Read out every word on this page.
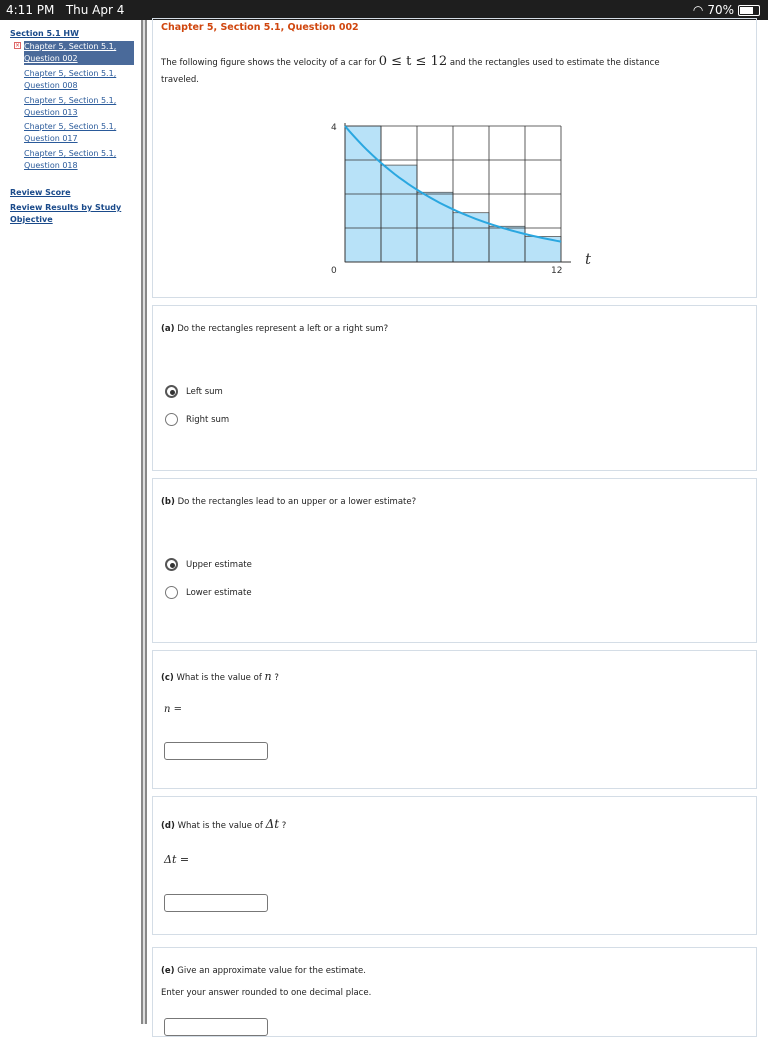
4:11 PM Thu Apr 4	◠ 70%
Section 5.1 HW
× Chapter 5, Section 5.1, Question 002
Chapter 5, Section 5.1, Question 008
Chapter 5, Section 5.1, Question 013
Chapter 5, Section 5.1, Question 017
Chapter 5, Section 5.1, Question 018
Review Score
Review Results by Study Objective
Chapter 5, Section 5.1, Question 002
The following figure shows the velocity of a car for 0 ≤ t ≤ 12 and the rectangles used to estimate the distance
traveled.
4
0	12
t
(a) Do the rectangles represent a left or a right sum?
Left sum
Right sum
(b) Do the rectangles lead to an upper or a lower estimate?
Upper estimate
Lower estimate
(c) What is the value of n ?
n =
(d) What is the value of Δt ?
Δt =
(e) Give an approximate value for the estimate.
Enter your answer rounded to one decimal place.
